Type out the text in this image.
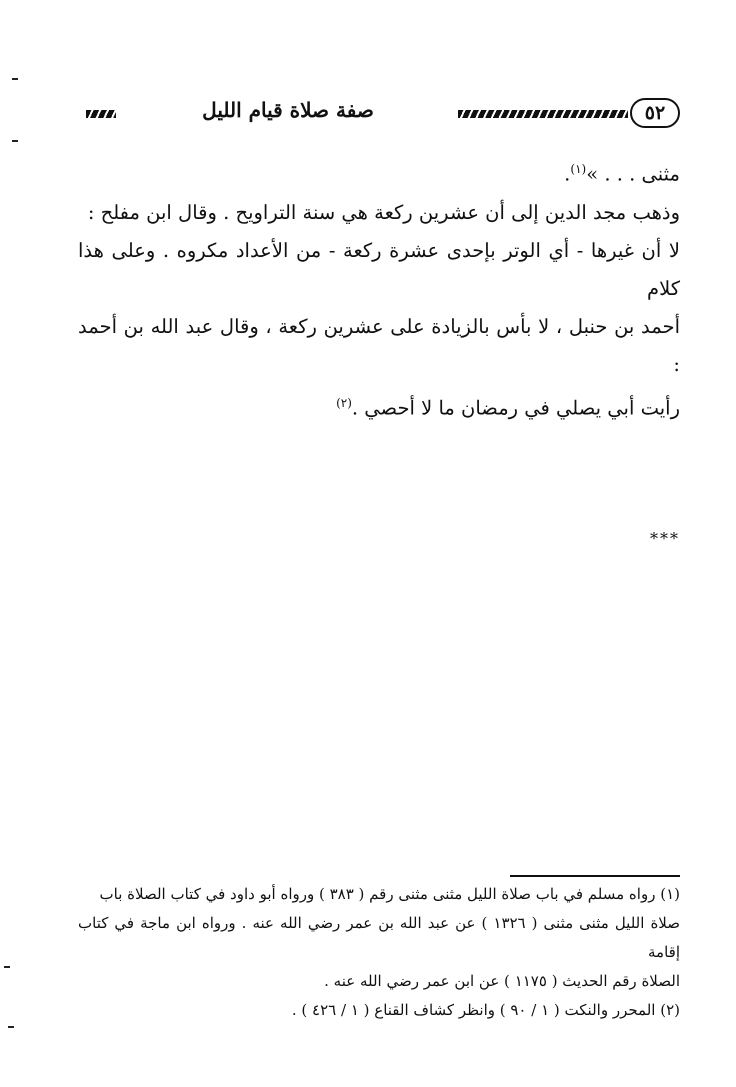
٥٢
صفة صلاة قيام الليل

مثنى . . . »$^{(١)}$.

وذهب مجد الدين إلى أن عشرين ركعة هي سنة التراويح . وقال ابن مفلح :

لا أن غيرها - أي الوتر بإحدى عشرة ركعة - من الأعداد مكروه . وعلى هذا كلام

أحمد بن حنبل ، لا بأس بالزيادة على عشرين ركعة ، وقال عبد الله بن أحمد :

رأيت أبي يصلي في رمضان ما لا أحصي .$^{(٢)}$

***

(١) رواه مسلم في باب صلاة الليل مثنى مثنى رقم ( ٣٨٣ ) ورواه أبو داود في كتاب الصلاة باب

صلاة الليل مثنى مثنى ( ١٣٢٦ ) عن عبد الله بن عمر رضي الله عنه . ورواه ابن ماجة في كتاب إقامة

الصلاة رقم الحديث ( ١١٧٥ ) عن ابن عمر رضي الله عنه .

(٢) المحرر والنكت ( ١ / ٩٠ ) وانظر كشاف القناع ( ١ / ٤٢٦ ) .
